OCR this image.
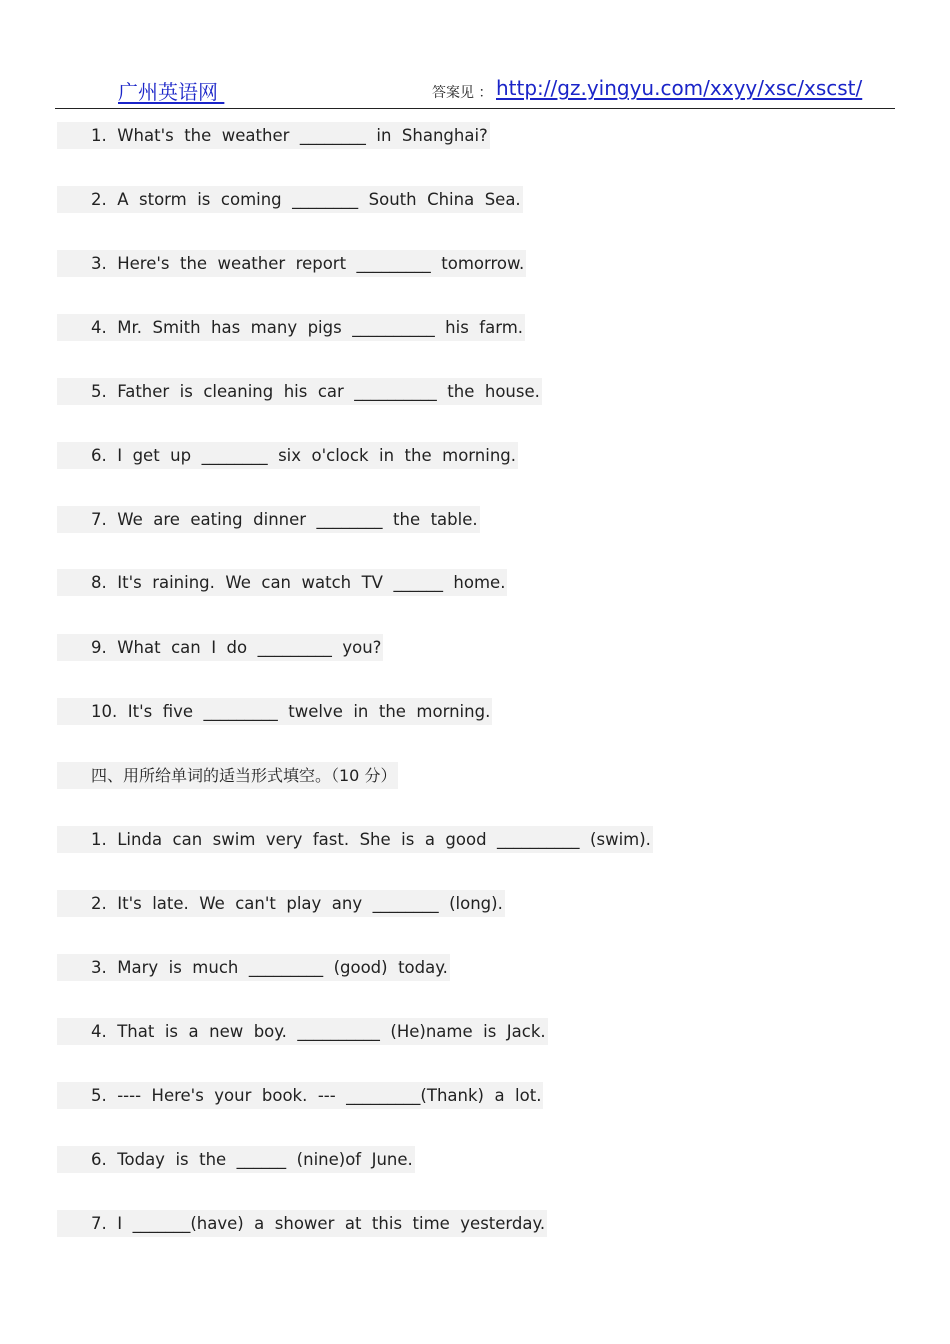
广州英语网	答案见 ： http://gz.yingyu.com/xxyy/xsc/xscst/
1.  What's  the  weather  ________  in  Shanghai?
2.  A  storm  is  coming  ________  South  China  Sea.
3.  Here's  the  weather  report  _________  tomorrow.
4.  Mr.  Smith  has  many  pigs  __________  his  farm.
5.  Father  is  cleaning  his  car  __________  the  house.
6.  I  get  up  ________  six  o'clock  in  the  morning.
7.  We  are  eating  dinner  ________  the  table.
8.  It's  raining.  We  can  watch  TV  ______  home.
9.  What  can  I  do  _________  you?
10.  It's  five  _________  twelve  in  the  morning.
四、用所给单词的适当形式填空。（10 分）
1.  Linda  can  swim  very  fast.  She  is  a  good  __________  (swim).
2.  It's  late.  We  can't  play  any  ________  (long).
3.  Mary  is  much  _________  (good)  today.
4.  That  is  a  new  boy.  __________  (He)name  is  Jack.
5.  ----  Here's  your  book.  ---  _________(Thank)  a  lot.
6.  Today  is  the  ______  (nine)of  June.
7.  I  _______(have)  a  shower  at  this  time  yesterday.
